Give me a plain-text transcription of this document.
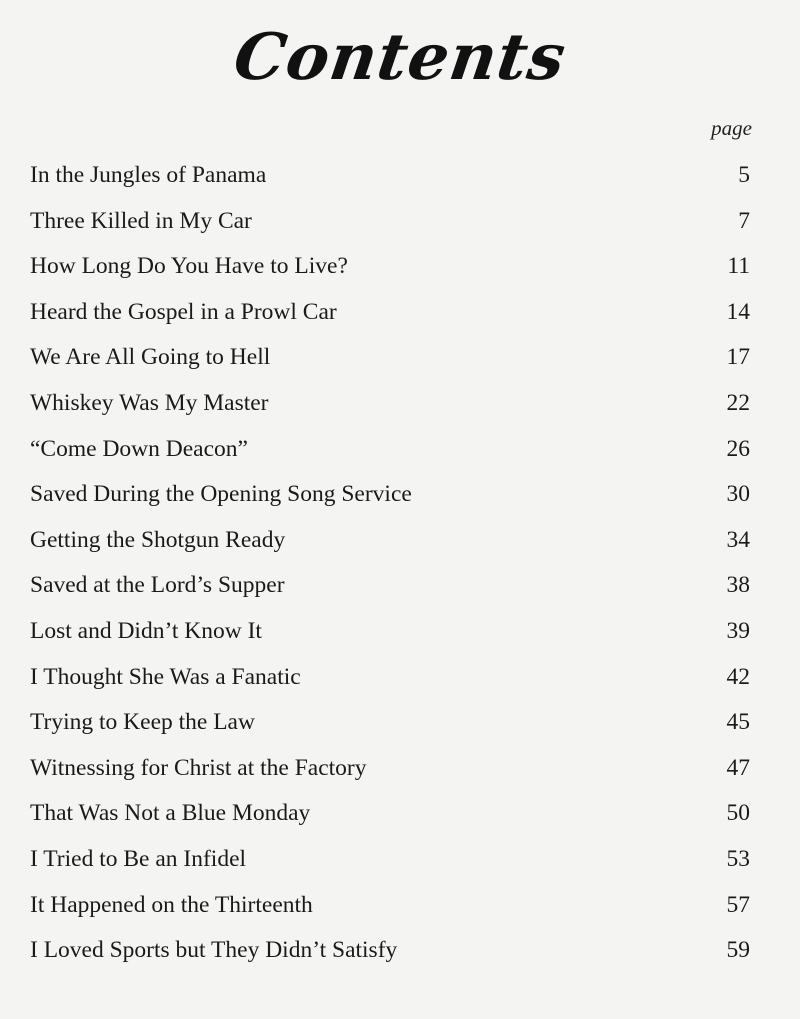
Contents
page
In the Jungles of Panama	5
Three Killed in My Car	7
How Long Do You Have to Live?	11
Heard the Gospel in a Prowl Car	14
We Are All Going to Hell	17
Whiskey Was My Master	22
“Come Down Deacon”	26
Saved During the Opening Song Service	30
Getting the Shotgun Ready	34
Saved at the Lord’s Supper	38
Lost and Didn’t Know It	39
I Thought She Was a Fanatic	42
Trying to Keep the Law	45
Witnessing for Christ at the Factory	47
That Was Not a Blue Monday	50
I Tried to Be an Infidel	53
It Happened on the Thirteenth	57
I Loved Sports but They Didn’t Satisfy	59
